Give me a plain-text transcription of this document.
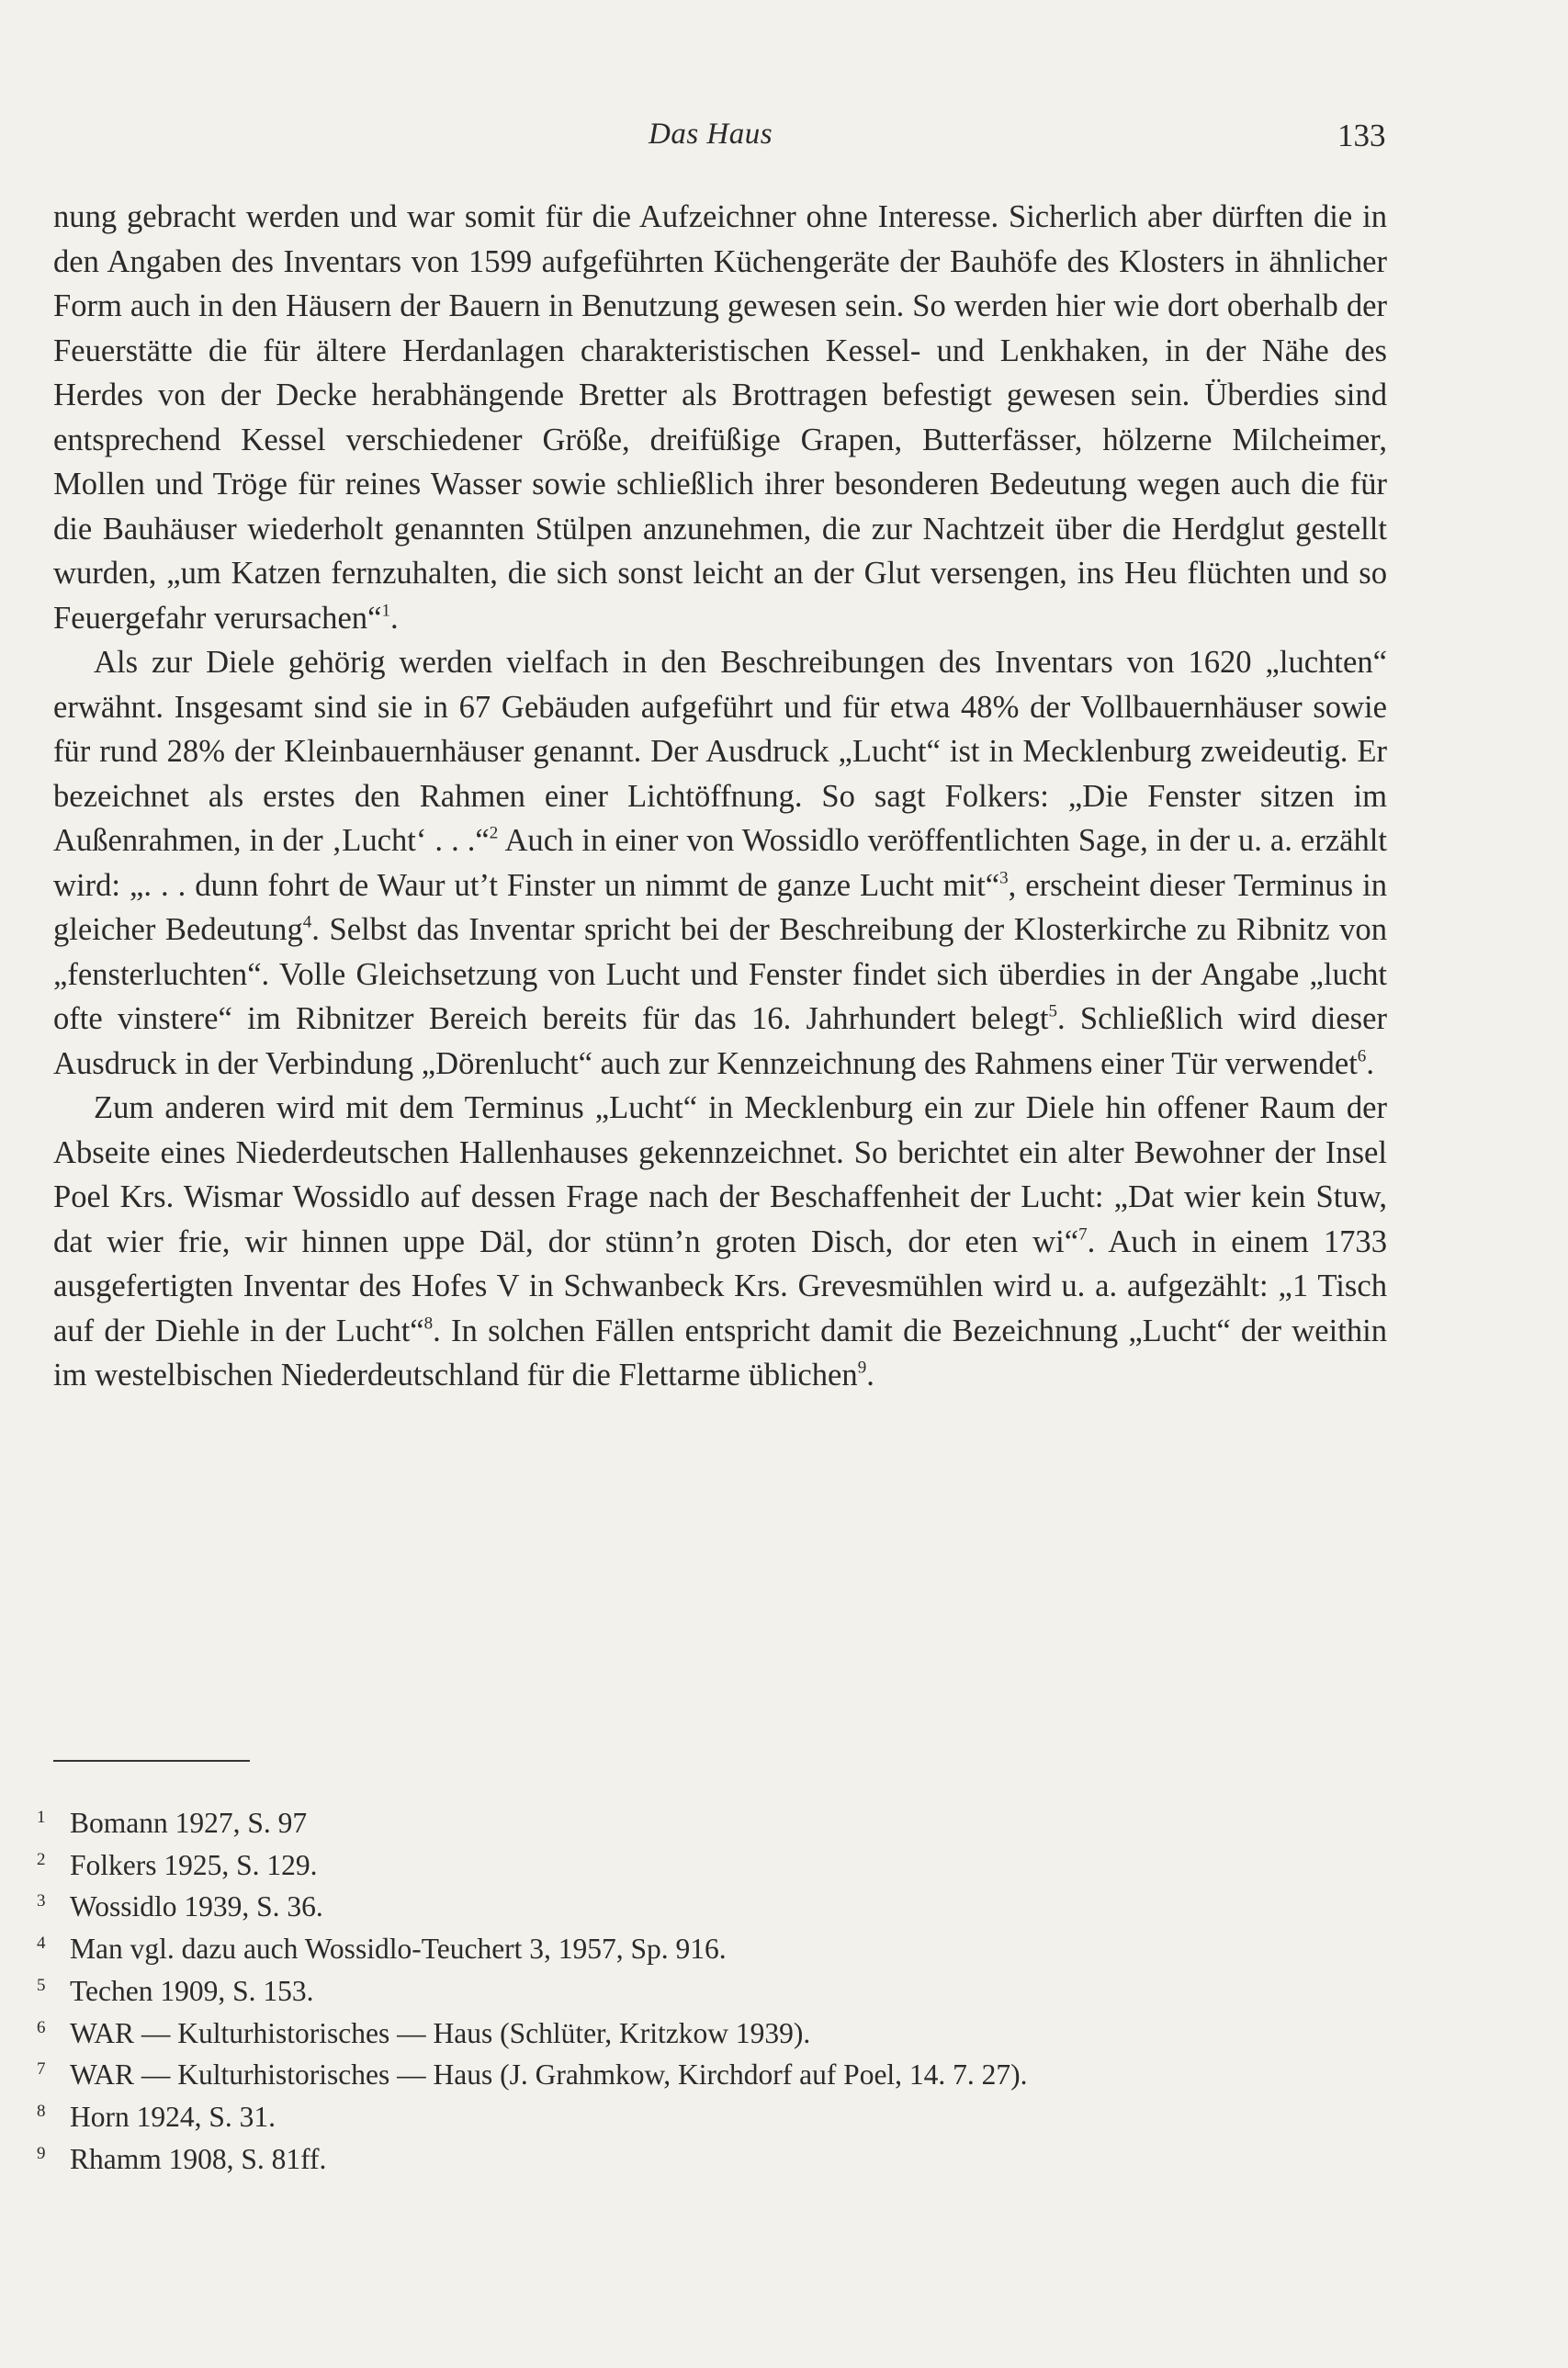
Das Haus	133

nung gebracht werden und war somit für die Aufzeichner ohne Interesse. Sicherlich aber dürften die in den Angaben des Inventars von 1599 aufgeführten Küchengeräte der Bauhöfe des Klosters in ähnlicher Form auch in den Häusern der Bauern in Benutzung gewesen sein. So werden hier wie dort oberhalb der Feuerstätte die für ältere Herdanlagen charakteristischen Kessel- und Lenkhaken, in der Nähe des Herdes von der Decke herabhängende Bretter als Brottragen befestigt gewesen sein. Überdies sind entsprechend Kessel verschiedener Größe, dreifüßige Grapen, Butterfässer, hölzerne Milcheimer, Mollen und Tröge für reines Wasser sowie schließlich ihrer besonderen Bedeutung wegen auch die für die Bauhäuser wiederholt genannten Stülpen anzunehmen, die zur Nachtzeit über die Herdglut gestellt wurden, „um Katzen fernzuhalten, die sich sonst leicht an der Glut versengen, ins Heu flüchten und so Feuergefahr verursachen“$^1$.

Als zur Diele gehörig werden vielfach in den Beschreibungen des Inventars von 1620 „luchten“ erwähnt. Insgesamt sind sie in 67 Gebäuden aufgeführt und für etwa 48% der Vollbauernhäuser sowie für rund 28% der Kleinbauernhäuser genannt. Der Ausdruck „Lucht“ ist in Mecklenburg zweideutig. Er bezeichnet als erstes den Rahmen einer Lichtöffnung. So sagt Folkers: „Die Fenster sitzen im Außenrahmen, in der ‚Lucht‘ . . .“$^2$ Auch in einer von Wossidlo veröffentlichten Sage, in der u. a. erzählt wird: „. . . dunn fohrt de Waur ut’t Finster un nimmt de ganze Lucht mit“$^3$, erscheint dieser Terminus in gleicher Bedeutung$^4$. Selbst das Inventar spricht bei der Beschreibung der Klosterkirche zu Ribnitz von „fensterluchten“. Volle Gleichsetzung von Lucht und Fenster findet sich überdies in der Angabe „lucht ofte vinstere“ im Ribnitzer Bereich bereits für das 16. Jahrhundert belegt$^5$. Schließlich wird dieser Ausdruck in der Verbindung „Dörenlucht“ auch zur Kennzeichnung des Rahmens einer Tür verwendet$^6$.

Zum anderen wird mit dem Terminus „Lucht“ in Mecklenburg ein zur Diele hin offener Raum der Abseite eines Niederdeutschen Hallenhauses gekennzeichnet. So berichtet ein alter Bewohner der Insel Poel Krs. Wismar Wossidlo auf dessen Frage nach der Beschaffenheit der Lucht: „Dat wier kein Stuw, dat wier frie, wir hinnen uppe Däl, dor stünn’n groten Disch, dor eten wi“$^7$. Auch in einem 1733 ausgefertigten Inventar des Hofes V in Schwanbeck Krs. Grevesmühlen wird u. a. aufgezählt: „1 Tisch auf der Diehle in der Lucht“$^8$. In solchen Fällen entspricht damit die Bezeichnung „Lucht“ der weithin im westelbischen Niederdeutschland für die Flettarme üblichen$^9$.

1 Bomann 1927, S. 97
2 Folkers 1925, S. 129.
3 Wossidlo 1939, S. 36.
4 Man vgl. dazu auch Wossidlo-Teuchert 3, 1957, Sp. 916.
5 Techen 1909, S. 153.
6 WAR — Kulturhistorisches — Haus (Schlüter, Kritzkow 1939).
7 WAR — Kulturhistorisches — Haus (J. Grahmkow, Kirchdorf auf Poel, 14. 7. 27).
8 Horn 1924, S. 31.
9 Rhamm 1908, S. 81ff.
